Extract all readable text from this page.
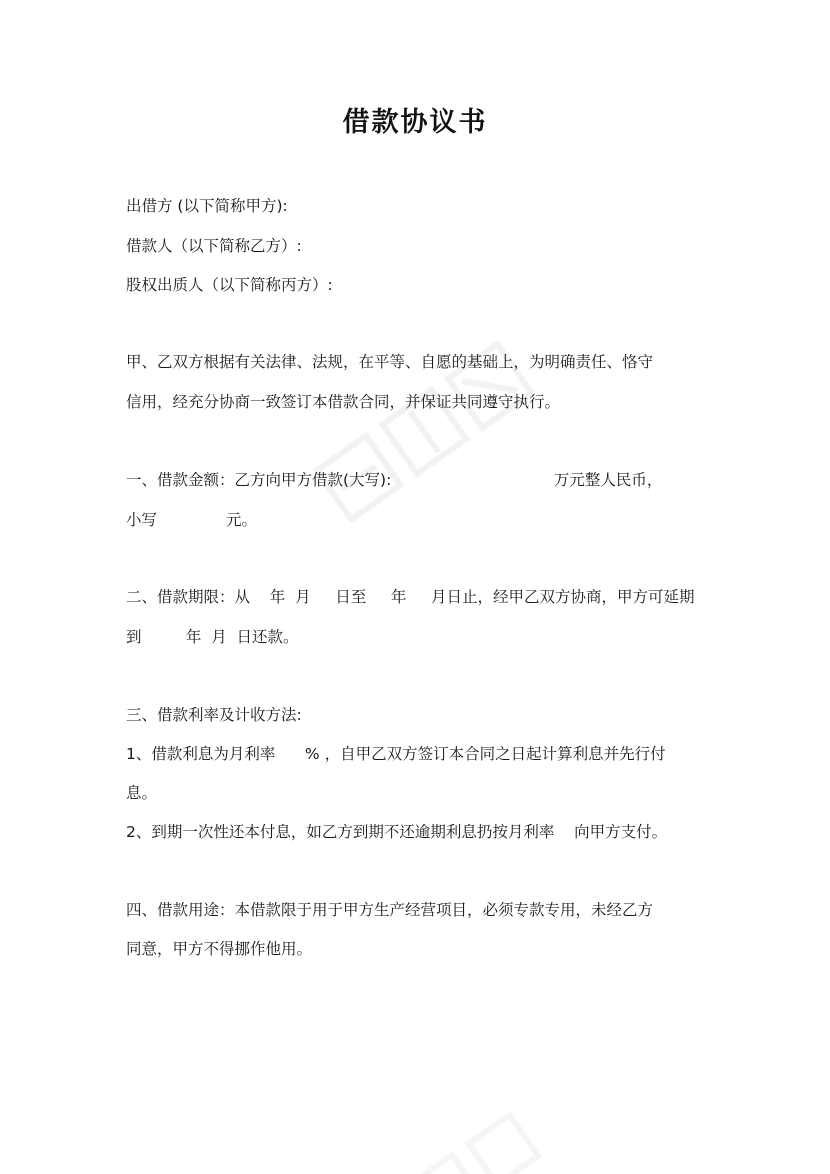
借款协议书
出借方 (以下简称甲方):
借款人（以下简称乙方）:
股权出质人（以下简称丙方）:
甲、乙双方根据有关法律、法规，在平等、自愿的基础上，为明确责任、恪守
信用，经充分协商一致签订本借款合同，并保证共同遵守执行。
一、借款金额：乙方向甲方借款(大写):                                 万元整人民币，
小写              元。
二、借款期限：从    年  月     日至     年     月日止，经甲乙双方协商，甲方可延期
到         年  月  日还款。
三、借款利率及计收方法:
1、借款利息为月利率      % ，自甲乙双方签订本合同之日起计算利息并先行付
息。
2、到期一次性还本付息，如乙方到期不还逾期利息扔按月利率    向甲方支付。
四、借款用途：本借款限于用于甲方生产经营项目，必须专款专用，未经乙方
同意，甲方不得挪作他用。
